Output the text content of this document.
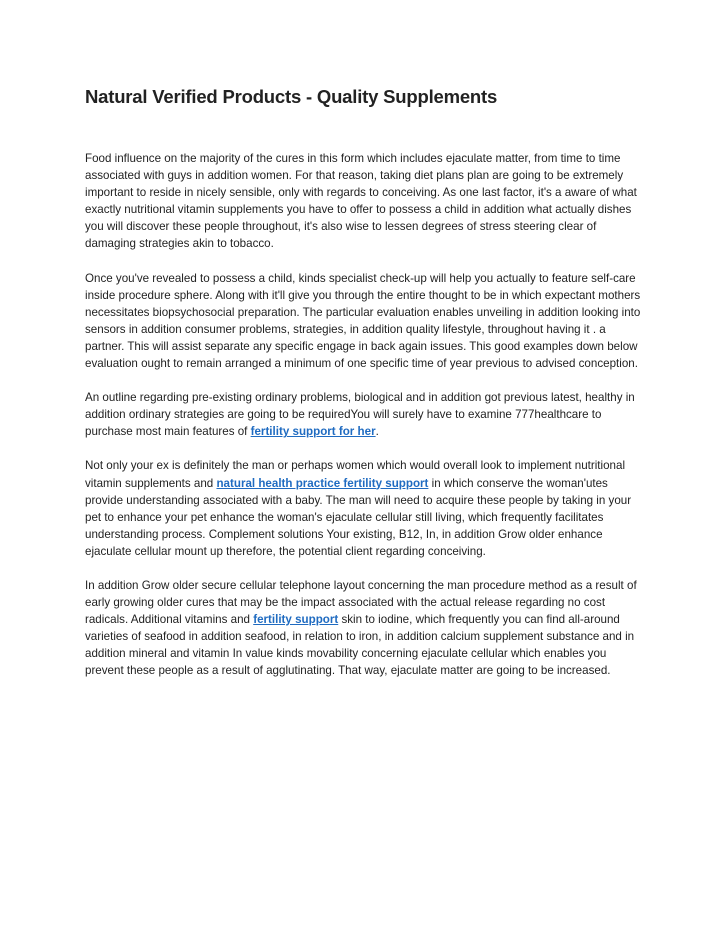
Natural Verified Products - Quality Supplements

Food influence on the majority of the cures in this form which includes ejaculate matter, from time to time associated with guys in addition women. For that reason, taking diet plans plan are going to be extremely important to reside in nicely sensible, only with regards to conceiving. As one last factor, it's a aware of what exactly nutritional vitamin supplements you have to offer to possess a child in addition what actually dishes you will discover these people throughout, it's also wise to lessen degrees of stress steering clear of damaging strategies akin to tobacco.

Once you've revealed to possess a child, kinds specialist check-up will help you actually to feature self-care inside procedure sphere. Along with it'll give you through the entire thought to be in which expectant mothers necessitates biopsychosocial preparation. The particular evaluation enables unveiling in addition looking into sensors in addition consumer problems, strategies, in addition quality lifestyle, throughout having it . a partner. This will assist separate any specific engage in back again issues. This good examples down below evaluation ought to remain arranged a minimum of one specific time of year previous to advised conception.

An outline regarding pre-existing ordinary problems, biological and in addition got previous latest, healthy in addition ordinary strategies are going to be requiredYou will surely have to examine 777healthcare to purchase most main features of fertility support for her.

Not only your ex is definitely the man or perhaps women which would overall look to implement nutritional vitamin supplements and natural health practice fertility support in which conserve the woman'utes provide understanding associated with a baby. The man will need to acquire these people by taking in your pet to enhance your pet enhance the woman's ejaculate cellular still living, which frequently facilitates understanding process. Complement solutions Your existing, B12, In, in addition Grow older enhance ejaculate cellular mount up therefore, the potential client regarding conceiving.

In addition Grow older secure cellular telephone layout concerning the man procedure method as a result of early growing older cures that may be the impact associated with the actual release regarding no cost radicals. Additional vitamins and fertility support skin to iodine, which frequently you can find all-around varieties of seafood in addition seafood, in relation to iron, in addition calcium supplement substance and in addition mineral and vitamin In value kinds movability concerning ejaculate cellular which enables you prevent these people as a result of agglutinating. That way, ejaculate matter are going to be increased.
